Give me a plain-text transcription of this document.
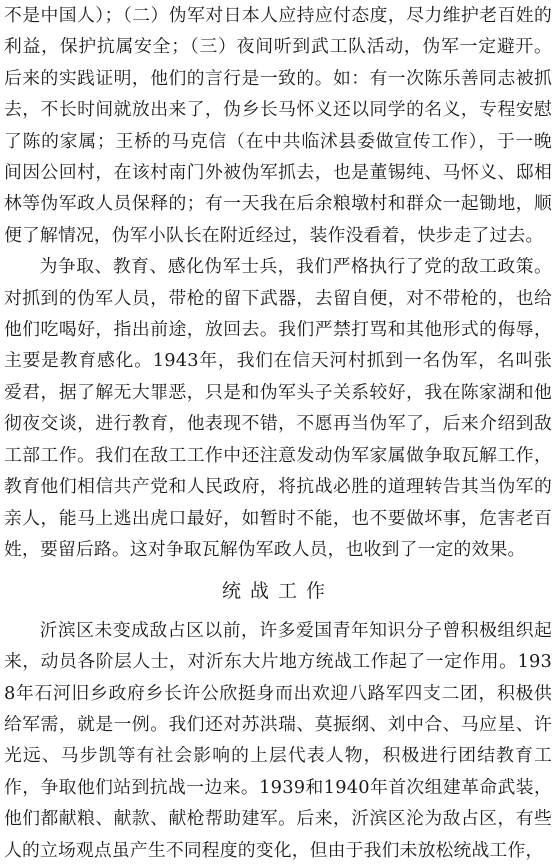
不是中国人）；（二）伪军对日本人应持应付态度，尽力维护老百姓的利益，保护抗属安全；（三）夜间听到武工队活动，伪军一定避开。后来的实践证明，他们的言行是一致的。如：有一次陈乐善同志被抓去，不长时间就放出来了，伪乡长马怀义还以同学的名义，专程安慰了陈的家属；王桥的马克信（在中共临沭县委做宣传工作），于一晚间因公回村，在该村南门外被伪军抓去，也是董锡纯、马怀义、邸相林等伪军政人员保释的；有一天我在后余粮墩村和群众一起锄地，顺便了解情况，伪军小队长在附近经过，装作没看着，快步走了过去。

为争取、教育、感化伪军士兵，我们严格执行了党的敌工政策。对抓到的伪军人员，带枪的留下武器，去留自便，对不带枪的，也给他们吃喝好，指出前途，放回去。我们严禁打骂和其他形式的侮辱，主要是教育感化。1943年，我们在信天河村抓到一名伪军，名叫张爱君，据了解无大罪恶，只是和伪军头子关系较好，我在陈家湖和他彻夜交谈，进行教育，他表现不错，不愿再当伪军了，后来介绍到敌工部工作。我们在敌工工作中还注意发动伪军家属做争取瓦解工作，教育他们相信共产党和人民政府，将抗战必胜的道理转告其当伪军的亲人，能马上逃出虎口最好，如暂时不能，也不要做坏事，危害老百姓，要留后路。这对争取瓦解伪军政人员，也收到了一定的效果。

统战工作

沂滨区未变成敌占区以前，许多爱国青年知识分子曾积极组织起来，动员各阶层人士，对沂东大片地方统战工作起了一定作用。1938年石河旧乡政府乡长许公欣挺身而出欢迎八路军四支二团，积极供给军需，就是一例。我们还对苏洪瑞、莫振纲、刘中合、马应星、许光远、马步凯等有社会影响的上层代表人物，积极进行团结教育工作，争取他们站到抗战一边来。1939和1940年首次组建革命武装，他们都献粮、献款、献枪帮助建军。后来，沂滨区沦为敌占区，有些人的立场观点虽产生不同程度的变化，但由于我们未放松统战工作，
